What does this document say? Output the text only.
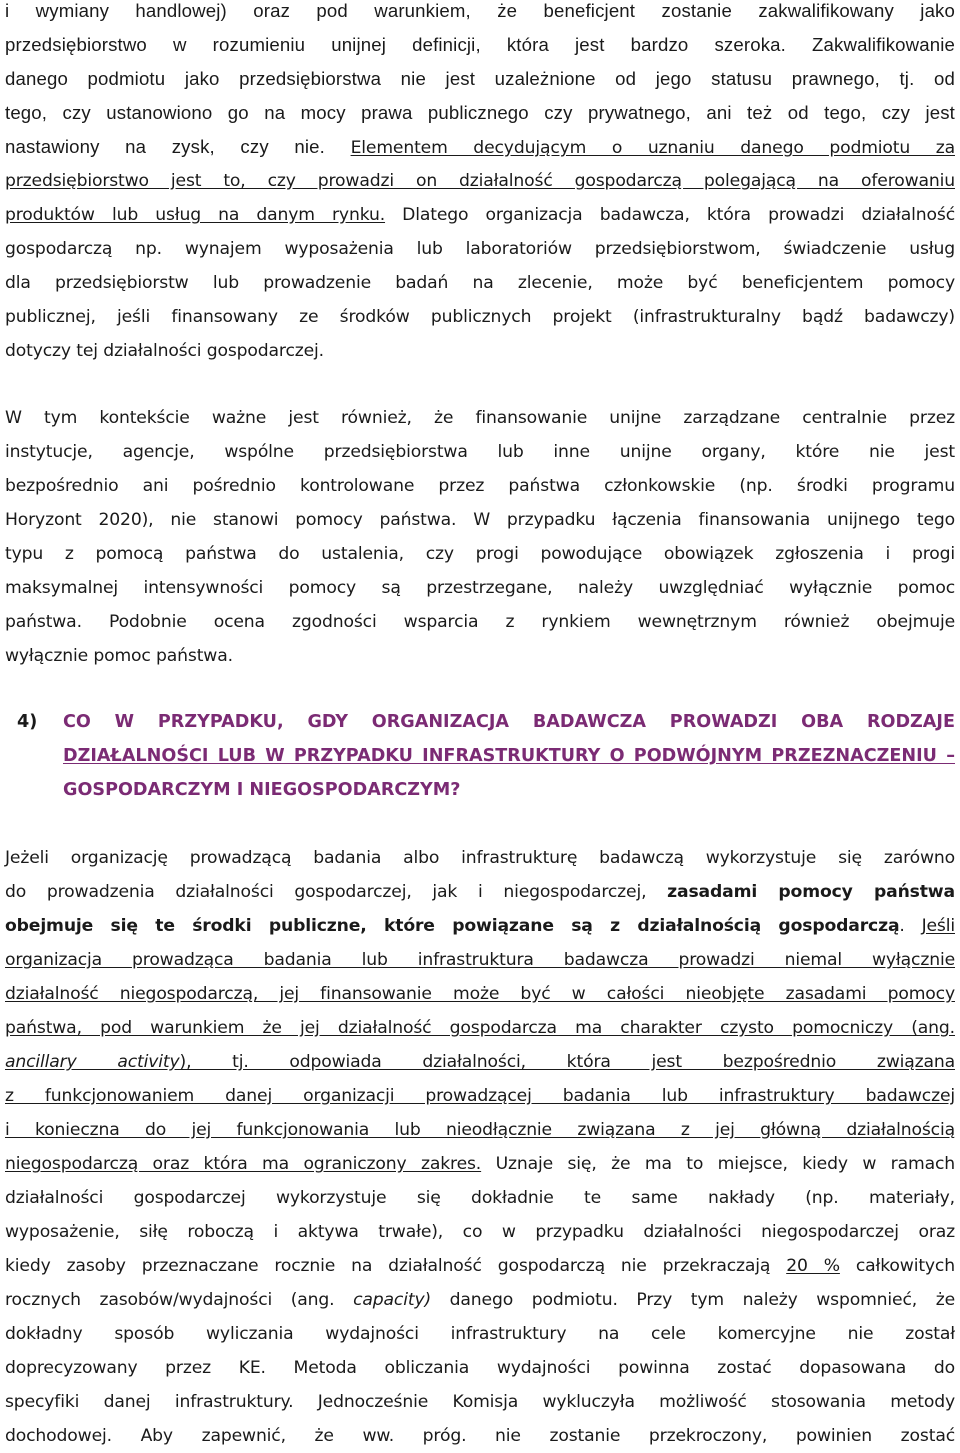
i wymiany handlowej) oraz pod warunkiem, że beneficjent zostanie zakwalifikowany jako
przedsiębiorstwo w rozumieniu unijnej definicji, która jest bardzo szeroka. Zakwalifikowanie
danego podmiotu jako przedsiębiorstwa nie jest uzależnione od jego statusu prawnego, tj. od
tego, czy ustanowiono go na mocy prawa publicznego czy prywatnego, ani też od tego, czy jest
nastawiony na zysk, czy nie. Elementem decydującym o uznaniu danego podmiotu za
przedsiębiorstwo jest to, czy prowadzi on działalność gospodarczą polegającą na oferowaniu
produktów lub usług na danym rynku. Dlatego organizacja badawcza, która prowadzi działalność
gospodarczą np. wynajem wyposażenia lub laboratoriów przedsiębiorstwom, świadczenie usług
dla przedsiębiorstw lub prowadzenie badań na zlecenie, może być beneficjentem pomocy
publicznej, jeśli finansowany ze środków publicznych projekt (infrastrukturalny bądź badawczy)
dotyczy tej działalności gospodarczej.
W tym kontekście ważne jest również, że finansowanie unijne zarządzane centralnie przez
instytucje, agencje, wspólne przedsiębiorstwa lub inne unijne organy, które nie jest
bezpośrednio ani pośrednio kontrolowane przez państwa członkowskie (np. środki programu
Horyzont 2020), nie stanowi pomocy państwa. W przypadku łączenia finansowania unijnego tego
typu z pomocą państwa do ustalenia, czy progi powodujące obowiązek zgłoszenia i progi
maksymalnej intensywności pomocy są przestrzegane, należy uwzględniać wyłącznie pomoc
państwa. Podobnie ocena zgodności wsparcia z rynkiem wewnętrznym również obejmuje
wyłącznie pomoc państwa.
4) CO W PRZYPADKU, GDY ORGANIZACJA BADAWCZA PROWADZI OBA RODZAJE
DZIAŁALNOŚCI LUB W PRZYPADKU INFRASTRUKTURY O PODWÓJNYM PRZEZNACZENIU –
GOSPODARCZYM I NIEGOSPODARCZYM?
Jeżeli organizację prowadzącą badania albo infrastrukturę badawczą wykorzystuje się zarówno
do prowadzenia działalności gospodarczej, jak i niegospodarczej, zasadami pomocy państwa
obejmuje się te środki publiczne, które powiązane są z działalnością gospodarczą. Jeśli
organizacja prowadząca badania lub infrastruktura badawcza prowadzi niemal wyłącznie
działalność niegospodarczą, jej finansowanie może być w całości nieobjęte zasadami pomocy
państwa, pod warunkiem że jej działalność gospodarcza ma charakter czysto pomocniczy (ang.
ancillary activity), tj. odpowiada działalności, która jest bezpośrednio związana
z funkcjonowaniem danej organizacji prowadzącej badania lub infrastruktury badawczej
i konieczna do jej funkcjonowania lub nieodłącznie związana z jej główną działalnością
niegospodarczą oraz która ma ograniczony zakres. Uznaje się, że ma to miejsce, kiedy w ramach
działalności gospodarczej wykorzystuje się dokładnie te same nakłady (np. materiały,
wyposażenie, siłę roboczą i aktywa trwałe), co w przypadku działalności niegospodarczej oraz
kiedy zasoby przeznaczane rocznie na działalność gospodarczą nie przekraczają 20 % całkowitych
rocznych zasobów/wydajności (ang. capacity) danego podmiotu. Przy tym należy wspomnieć, że
dokładny sposób wyliczania wydajności infrastruktury na cele komercyjne nie został
doprecyzowany przez KE. Metoda obliczania wydajności powinna zostać dopasowana do
specyfiki danej infrastruktury. Jednocześnie Komisja wykluczyła możliwość stosowania metody
dochodowej. Aby zapewnić, że ww. próg. nie zostanie przekroczony, powinien zostać
